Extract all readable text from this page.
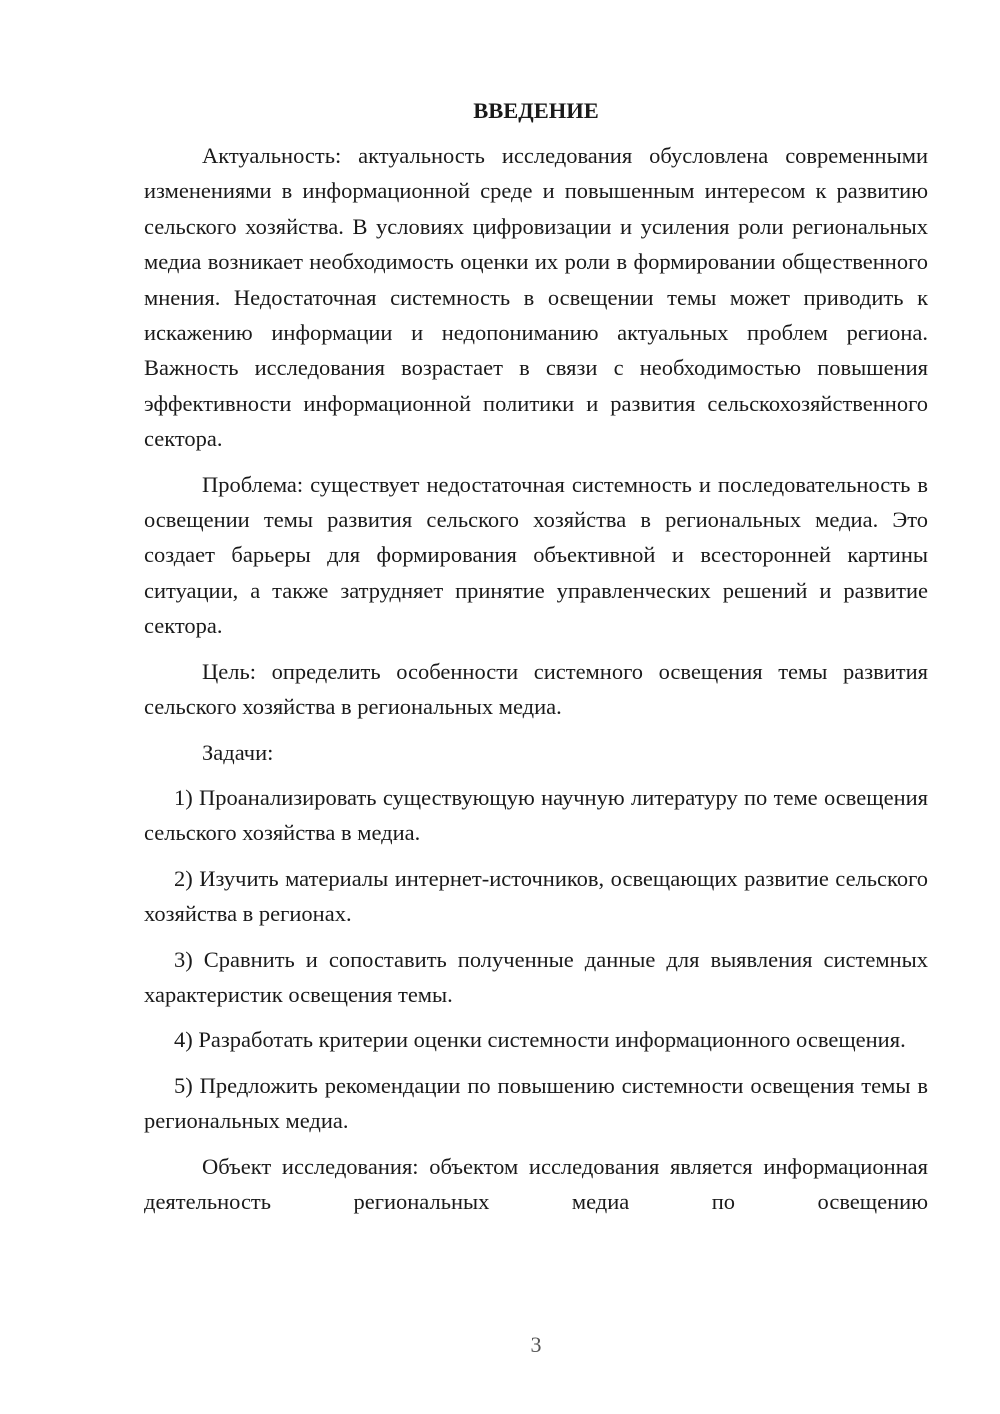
ВВЕДЕНИЕ

Актуальность: актуальность исследования обусловлена современными изменениями в информационной среде и повышенным интересом к развитию сельского хозяйства. В условиях цифровизации и усиления роли региональных медиа возникает необходимость оценки их роли в формировании общественного мнения. Недостаточная системность в освещении темы может приводить к искажению информации и недопониманию актуальных проблем региона. Важность исследования возрастает в связи с необходимостью повышения эффективности информационной политики и развития сельскохозяйственного сектора.

Проблема: существует недостаточная системность и последовательность в освещении темы развития сельского хозяйства в региональных медиа. Это создает барьеры для формирования объективной и всесторонней картины ситуации, а также затрудняет принятие управленческих решений и развитие сектора.

Цель: определить особенности системного освещения темы развития сельского хозяйства в региональных медиа.

Задачи:

1) Проанализировать существующую научную литературу по теме освещения сельского хозяйства в медиа.

2) Изучить материалы интернет-источников, освещающих развитие сельского хозяйства в регионах.

3) Сравнить и сопоставить полученные данные для выявления системных характеристик освещения темы.

4) Разработать критерии оценки системности информационного освещения.

5) Предложить рекомендации по повышению системности освещения темы в региональных медиа.

Объект исследования: объектом исследования является информационная деятельность региональных медиа по освещению

3
